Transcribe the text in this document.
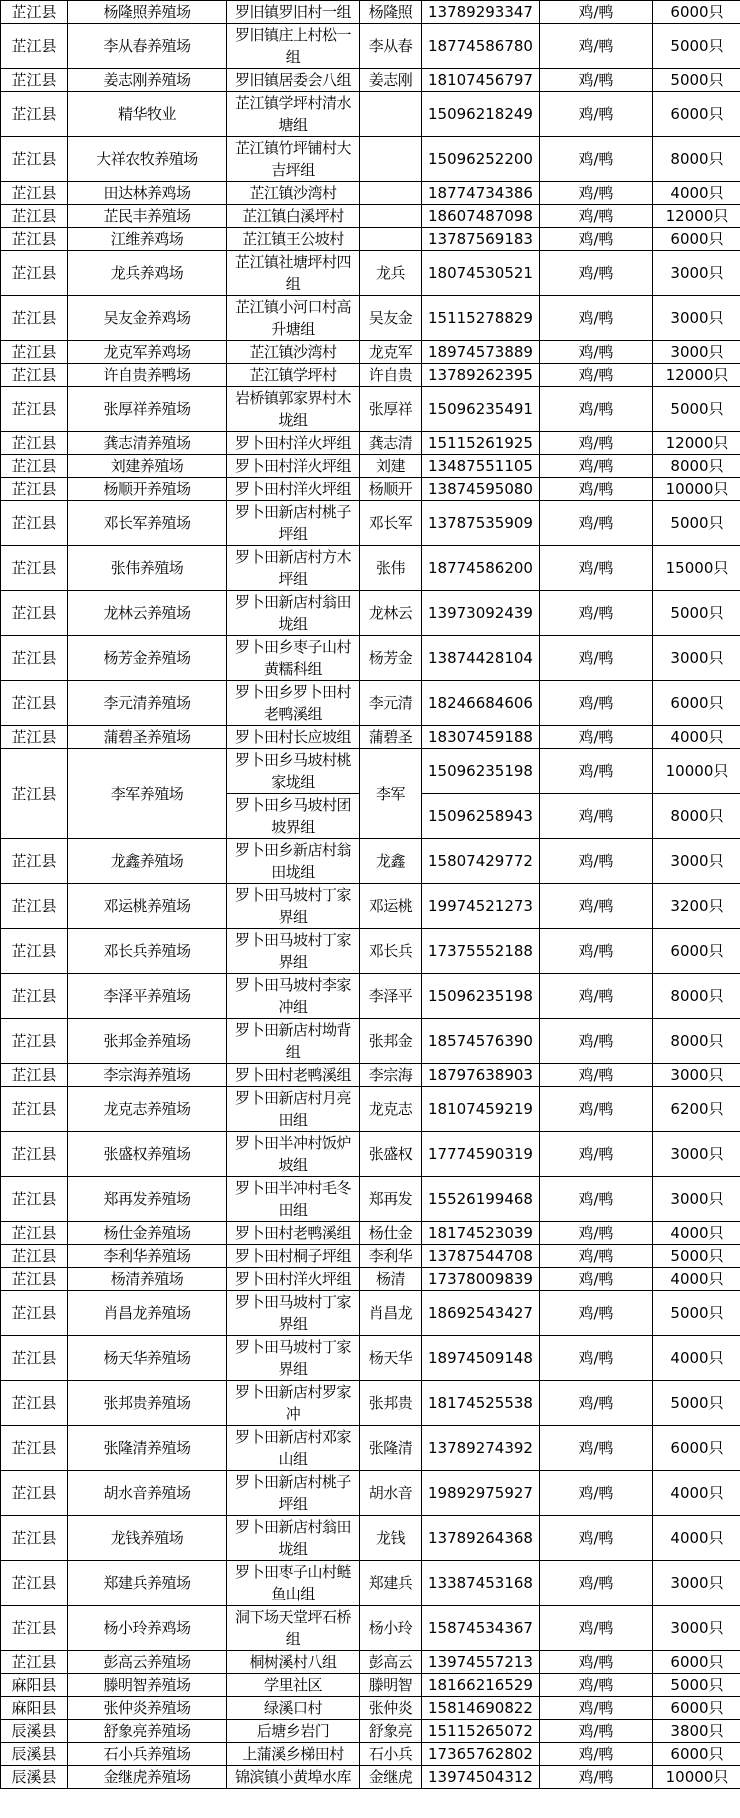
芷江县	杨隆照养殖场	罗旧镇罗旧村一组	杨隆照	13789293347	鸡/鸭	6000只
芷江县	李从春养殖场	罗旧镇庄上村松一组	李从春	18774586780	鸡/鸭	5000只
芷江县	姜志刚养殖场	罗旧镇居委会八组	姜志刚	18107456797	鸡/鸭	5000只
芷江县	精华牧业	芷江镇学坪村清水塘组		15096218249	鸡/鸭	6000只
芷江县	大祥农牧养殖场	芷江镇竹坪铺村大吉坪组		15096252200	鸡/鸭	8000只
芷江县	田达林养鸡场	芷江镇沙湾村		18774734386	鸡/鸭	4000只
芷江县	芷民丰养殖场	芷江镇白溪坪村		18607487098	鸡/鸭	12000只
芷江县	江维养鸡场	芷江镇王公坡村		13787569183	鸡/鸭	6000只
芷江县	龙兵养鸡场	芷江镇社塘坪村四组	龙兵	18074530521	鸡/鸭	3000只
芷江县	吴友金养鸡场	芷江镇小河口村高升塘组	吴友金	15115278829	鸡/鸭	3000只
芷江县	龙克军养鸡场	芷江镇沙湾村	龙克军	18974573889	鸡/鸭	3000只
芷江县	许自贵养鸭场	芷江镇学坪村	许自贵	13789262395	鸡/鸭	12000只
芷江县	张厚祥养殖场	岩桥镇郭家界村木垅组	张厚祥	15096235491	鸡/鸭	5000只
芷江县	龚志清养殖场	罗卜田村洋火坪组	龚志清	15115261925	鸡/鸭	12000只
芷江县	刘建养殖场	罗卜田村洋火坪组	刘建	13487551105	鸡/鸭	8000只
芷江县	杨顺开养殖场	罗卜田村洋火坪组	杨顺开	13874595080	鸡/鸭	10000只
芷江县	邓长军养殖场	罗卜田新店村桃子坪组	邓长军	13787535909	鸡/鸭	5000只
芷江县	张伟养殖场	罗卜田新店村方木坪组	张伟	18774586200	鸡/鸭	15000只
芷江县	龙林云养殖场	罗卜田新店村翁田垅组	龙林云	13973092439	鸡/鸭	5000只
芷江县	杨芳金养殖场	罗卜田乡枣子山村黄糯科组	杨芳金	13874428104	鸡/鸭	3000只
芷江县	李元清养殖场	罗卜田乡罗卜田村老鸭溪组	李元清	18246684606	鸡/鸭	6000只
芷江县	蒲碧圣养殖场	罗卜田村长应坡组	蒲碧圣	18307459188	鸡/鸭	4000只
芷江县	李军养殖场	罗卜田乡马坡村桃家垅组	李军	15096235198	鸡/鸭	10000只
		罗卜田乡马坡村团坡界组		15096258943	鸡/鸭	8000只
芷江县	龙鑫养殖场	罗卜田乡新店村翁田垅组	龙鑫	15807429772	鸡/鸭	3000只
芷江县	邓运桃养殖场	罗卜田马坡村丁家界组	邓运桃	19974521273	鸡/鸭	3200只
芷江县	邓长兵养殖场	罗卜田马坡村丁家界组	邓长兵	17375552188	鸡/鸭	6000只
芷江县	李泽平养殖场	罗卜田马坡村李家冲组	李泽平	15096235198	鸡/鸭	8000只
芷江县	张邦金养殖场	罗卜田新店村坳背组	张邦金	18574576390	鸡/鸭	8000只
芷江县	李宗海养殖场	罗卜田村老鸭溪组	李宗海	18797638903	鸡/鸭	3000只
芷江县	龙克志养殖场	罗卜田新店村月亮田组	龙克志	18107459219	鸡/鸭	6200只
芷江县	张盛权养殖场	罗卜田半冲村饭炉坡组	张盛权	17774590319	鸡/鸭	3000只
芷江县	郑再发养殖场	罗卜田半冲村毛冬田组	郑再发	15526199468	鸡/鸭	3000只
芷江县	杨仕金养殖场	罗卜田村老鸭溪组	杨仕金	18174523039	鸡/鸭	4000只
芷江县	李利华养殖场	罗卜田村桐子坪组	李利华	13787544708	鸡/鸭	5000只
芷江县	杨清养殖场	罗卜田村洋火坪组	杨清	17378009839	鸡/鸭	4000只
芷江县	肖昌龙养殖场	罗卜田马坡村丁家界组	肖昌龙	18692543427	鸡/鸭	5000只
芷江县	杨天华养殖场	罗卜田马坡村丁家界组	杨天华	18974509148	鸡/鸭	4000只
芷江县	张邦贵养殖场	罗卜田新店村罗家冲	张邦贵	18174525538	鸡/鸭	5000只
芷江县	张隆清养殖场	罗卜田新店村邓家山组	张隆清	13789274392	鸡/鸭	6000只
芷江县	胡水音养殖场	罗卜田新店村桃子坪组	胡水音	19892975927	鸡/鸭	4000只
芷江县	龙钱养殖场	罗卜田新店村翁田垅组	龙钱	13789264368	鸡/鸭	4000只
芷江县	郑建兵养殖场	罗卜田枣子山村鲢鱼山组	郑建兵	13387453168	鸡/鸭	3000只
芷江县	杨小玲养鸡场	洞下场天堂坪石桥组	杨小玲	15874534367	鸡/鸭	3000只
芷江县	彭高云养殖场	桐树溪村八组	彭高云	13974557213	鸡/鸭	6000只
麻阳县	滕明智养殖场	学里社区	滕明智	18166216529	鸡/鸭	5000只
麻阳县	张仲炎养殖场	绿溪口村	张仲炎	15814690822	鸡/鸭	6000只
辰溪县	舒象亮养殖场	后塘乡岩门	舒象亮	15115265072	鸡/鸭	3800只
辰溪县	石小兵养殖场	上蒲溪乡梯田村	石小兵	17365762802	鸡/鸭	6000只
辰溪县	金继虎养殖场	锦滨镇小黄埠水库	金继虎	13974504312	鸡/鸭	10000只
